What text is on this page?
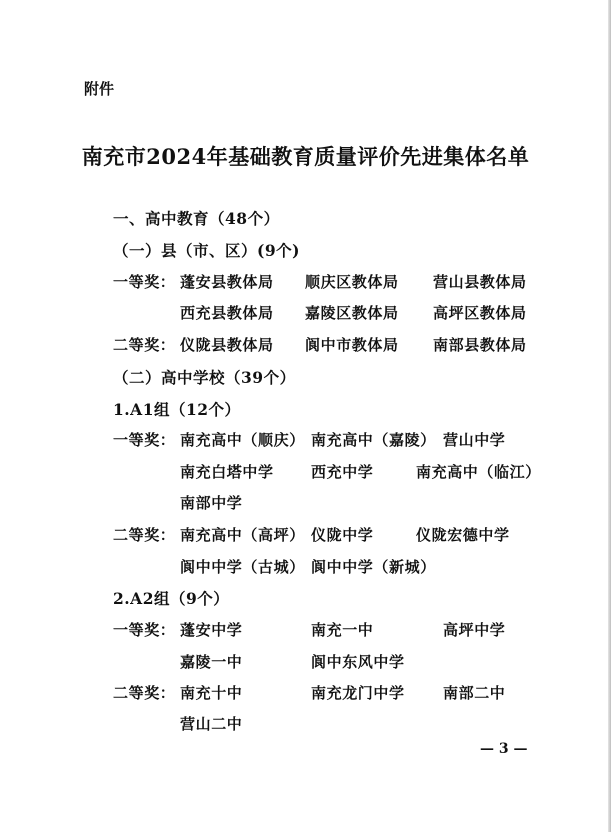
附件
南充市2024年基础教育质量评价先进集体名单
一、高中教育（48个）
（一）县（市、区）(9个)
一等奖： 蓬安县教体局 顺庆区教体局 营山县教体局
西充县教体局 嘉陵区教体局 高坪区教体局
二等奖： 仪陇县教体局 阆中市教体局 南部县教体局
（二）高中学校（39个）
1.A1组（12个）
一等奖： 南充高中（顺庆） 南充高中（嘉陵） 营山中学
南充白塔中学 西充中学	南充高中（临江）
南部中学
二等奖： 南充高中（高坪） 仪陇中学	仪陇宏德中学
阆中中学（古城） 阆中中学（新城）
2.A2组（9个）
一等奖： 蓬安中学	南充一中	高坪中学
嘉陵一中	阆中东风中学
二等奖： 南充十中	南充龙门中学	南部二中
营山二中
— 3 —
